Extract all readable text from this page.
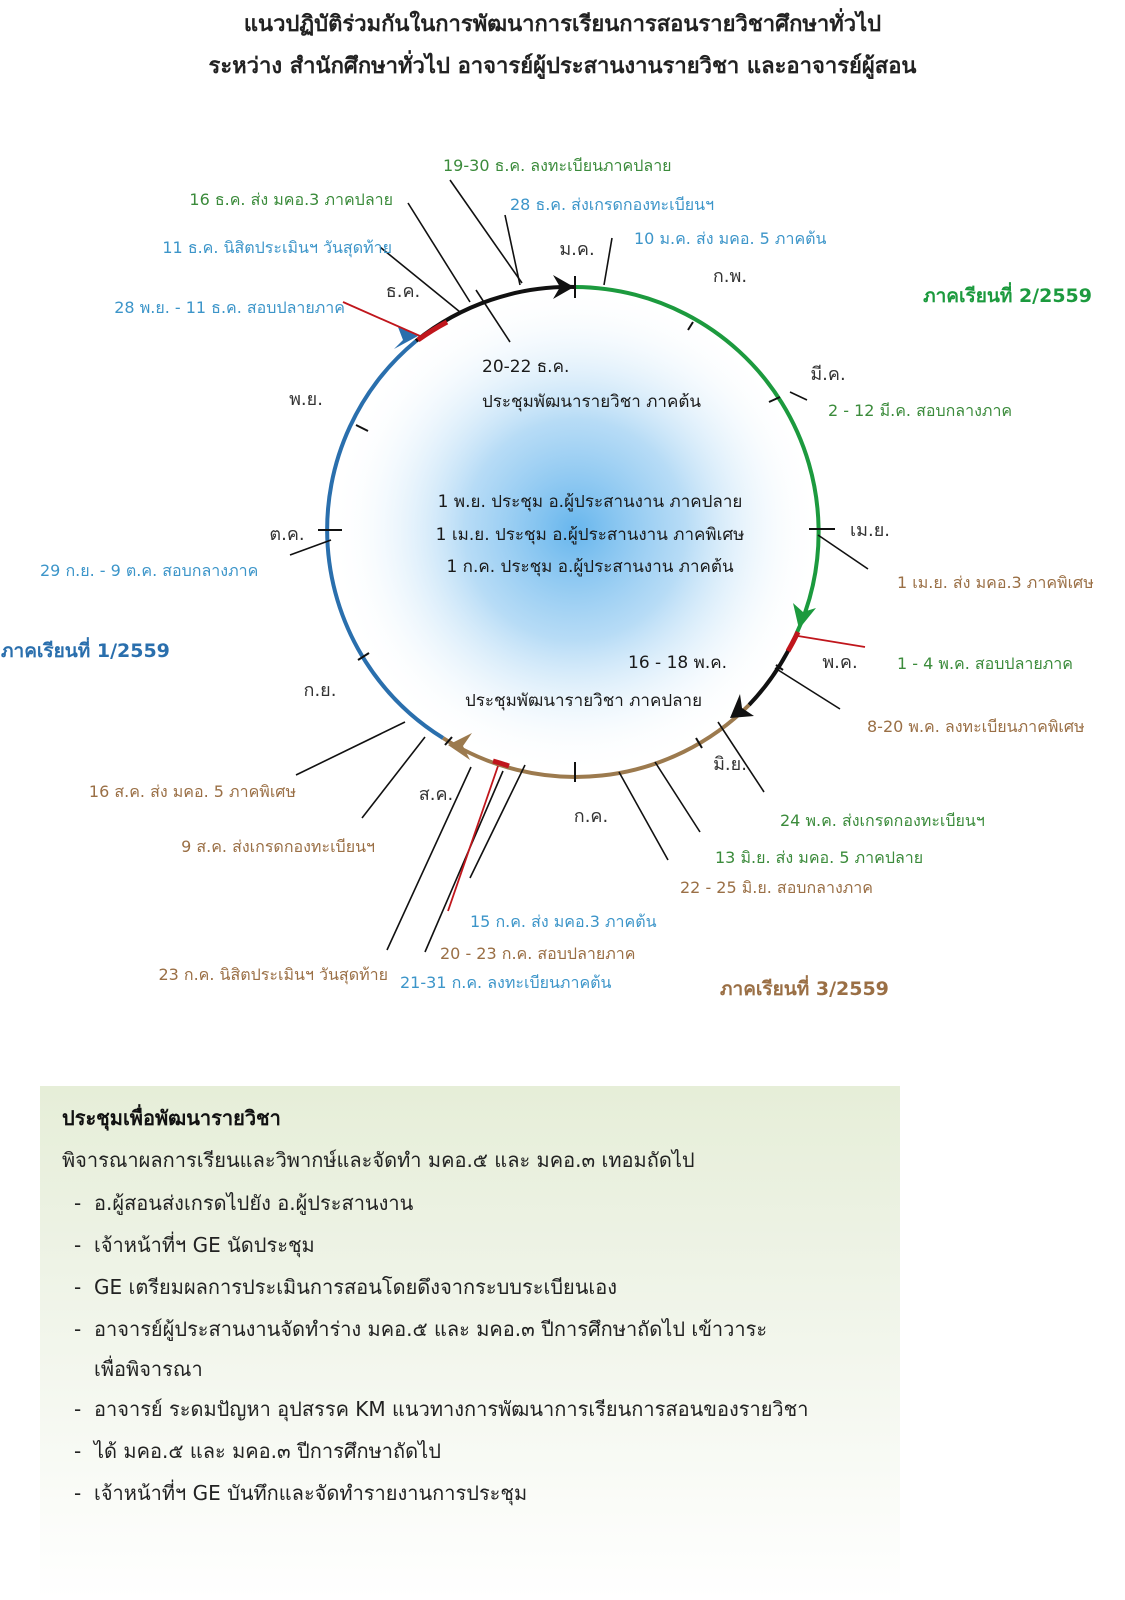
แนวปฏิบัติร่วมกันในการพัฒนาการเรียนการสอนรายวิชาศึกษาทั่วไป
ระหว่าง สำนักศึกษาทั่วไป อาจารย์ผู้ประสานงานรายวิชา และอาจารย์ผู้สอน
ม.ค.
ก.พ.
มี.ค.
เม.ย.
พ.ค.
มิ.ย.
ก.ค.
ส.ค.
ก.ย.
ต.ค.
พ.ย.
ธ.ค.	ภาคเรียนที่ 2/2559
ภาคเรียนที่ 1/2559
ภาคเรียนที่ 3/2559
19-30 ธ.ค. ลงทะเบียนภาคปลาย
16 ธ.ค. ส่ง มคอ.3 ภาคปลาย	28 ธ.ค. ส่งเกรดกองทะเบียนฯ
11 ธ.ค. นิสิตประเมินฯ วันสุดท้าย	10 ม.ค. ส่ง มคอ. 5 ภาคต้น
28 พ.ย. - 11 ธ.ค. สอบปลายภาค
2 - 12 มี.ค. สอบกลางภาค
1 เม.ย. ส่ง มคอ.3 ภาคพิเศษ
29 ก.ย. - 9 ต.ค. สอบกลางภาค
1 - 4 พ.ค. สอบปลายภาค
8-20 พ.ค. ลงทะเบียนภาคพิเศษ
24 พ.ค. ส่งเกรดกองทะเบียนฯ
13 มิ.ย. ส่ง มคอ. 5 ภาคปลาย
22 - 25 มิ.ย. สอบกลางภาค
16 ส.ค. ส่ง มคอ. 5 ภาคพิเศษ
9 ส.ค. ส่งเกรดกองทะเบียนฯ
15 ก.ค. ส่ง มคอ.3 ภาคต้น
20 - 23 ก.ค. สอบปลายภาค
23 ก.ค. นิสิตประเมินฯ วันสุดท้าย 21-31 ก.ค. ลงทะเบียนภาคต้น
20-22 ธ.ค.
ประชุมพัฒนารายวิชา ภาคต้น
1 พ.ย. ประชุม อ.ผู้ประสานงาน ภาคปลาย
1 เม.ย. ประชุม อ.ผู้ประสานงาน ภาคพิเศษ
1 ก.ค. ประชุม อ.ผู้ประสานงาน ภาคต้น
16 - 18 พ.ค.
ประชุมพัฒนารายวิชา ภาคปลาย
ประชุมเพื่อพัฒนารายวิชา
พิจารณาผลการเรียนและวิพากษ์และจัดทำ มคอ.๕ และ มคอ.๓ เทอมถัดไป
- อ.ผู้สอนส่งเกรดไปยัง อ.ผู้ประสานงาน
- เจ้าหน้าที่ฯ GE นัดประชุม
- GE เตรียมผลการประเมินการสอนโดยดึงจากระบบระเบียนเอง
- อาจารย์ผู้ประสานงานจัดทำร่าง มคอ.๕ และ มคอ.๓ ปีการศึกษาถัดไป เข้าวาระ
เพื่อพิจารณา
- อาจารย์ ระดมปัญหา อุปสรรค KM แนวทางการพัฒนาการเรียนการสอนของรายวิชา
- ได้ มคอ.๕ และ มคอ.๓ ปีการศึกษาถัดไป
- เจ้าหน้าที่ฯ GE บันทึกและจัดทำรายงานการประชุม
